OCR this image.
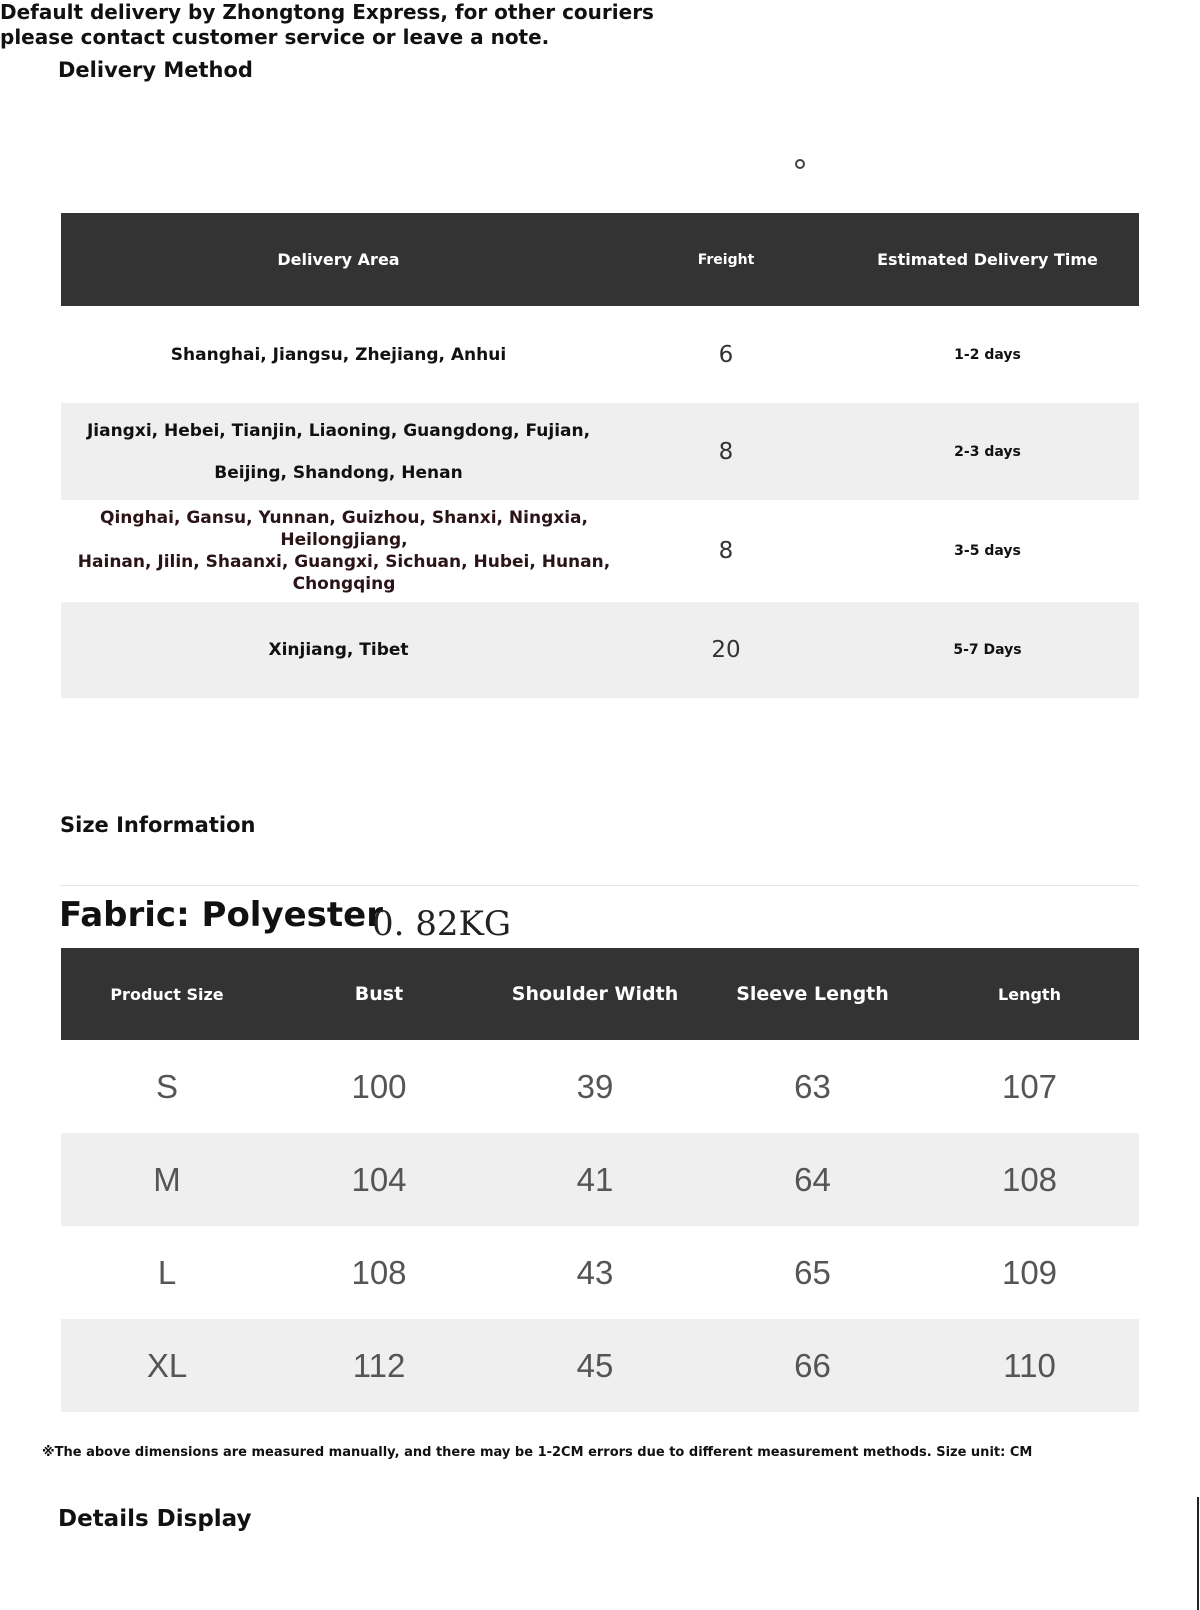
Delivery Method
Default delivery by Zhongtong Express, for other couriers please contact customer service or leave a note.
Delivery Area	Freight	Estimated Delivery Time
Shanghai, Jiangsu, Zhejiang, Anhui	6	1-2 days
Jiangxi, Hebei, Tianjin, Liaoning, Guangdong, Fujian,
Beijing, Shandong, Henan	8	2-3 days
Qinghai, Gansu, Yunnan, Guizhou, Shanxi, Ningxia, Heilongjiang,
Hainan, Jilin, Shaanxi, Guangxi, Sichuan, Hubei, Hunan, Chongqing	8	3-5 days
Xinjiang, Tibet	20	5-7 Days
Size Information
Fabric: Polyester
0. 82KG
Product Size	Bust	Shoulder Width	Sleeve Length	Length
S	100	39	63	107
M	104	41	64	108
L	108	43	65	109
XL	112	45	66	110
※The above dimensions are measured manually, and there may be 1-2CM errors due to different measurement methods. Size unit: CM
Details Display
